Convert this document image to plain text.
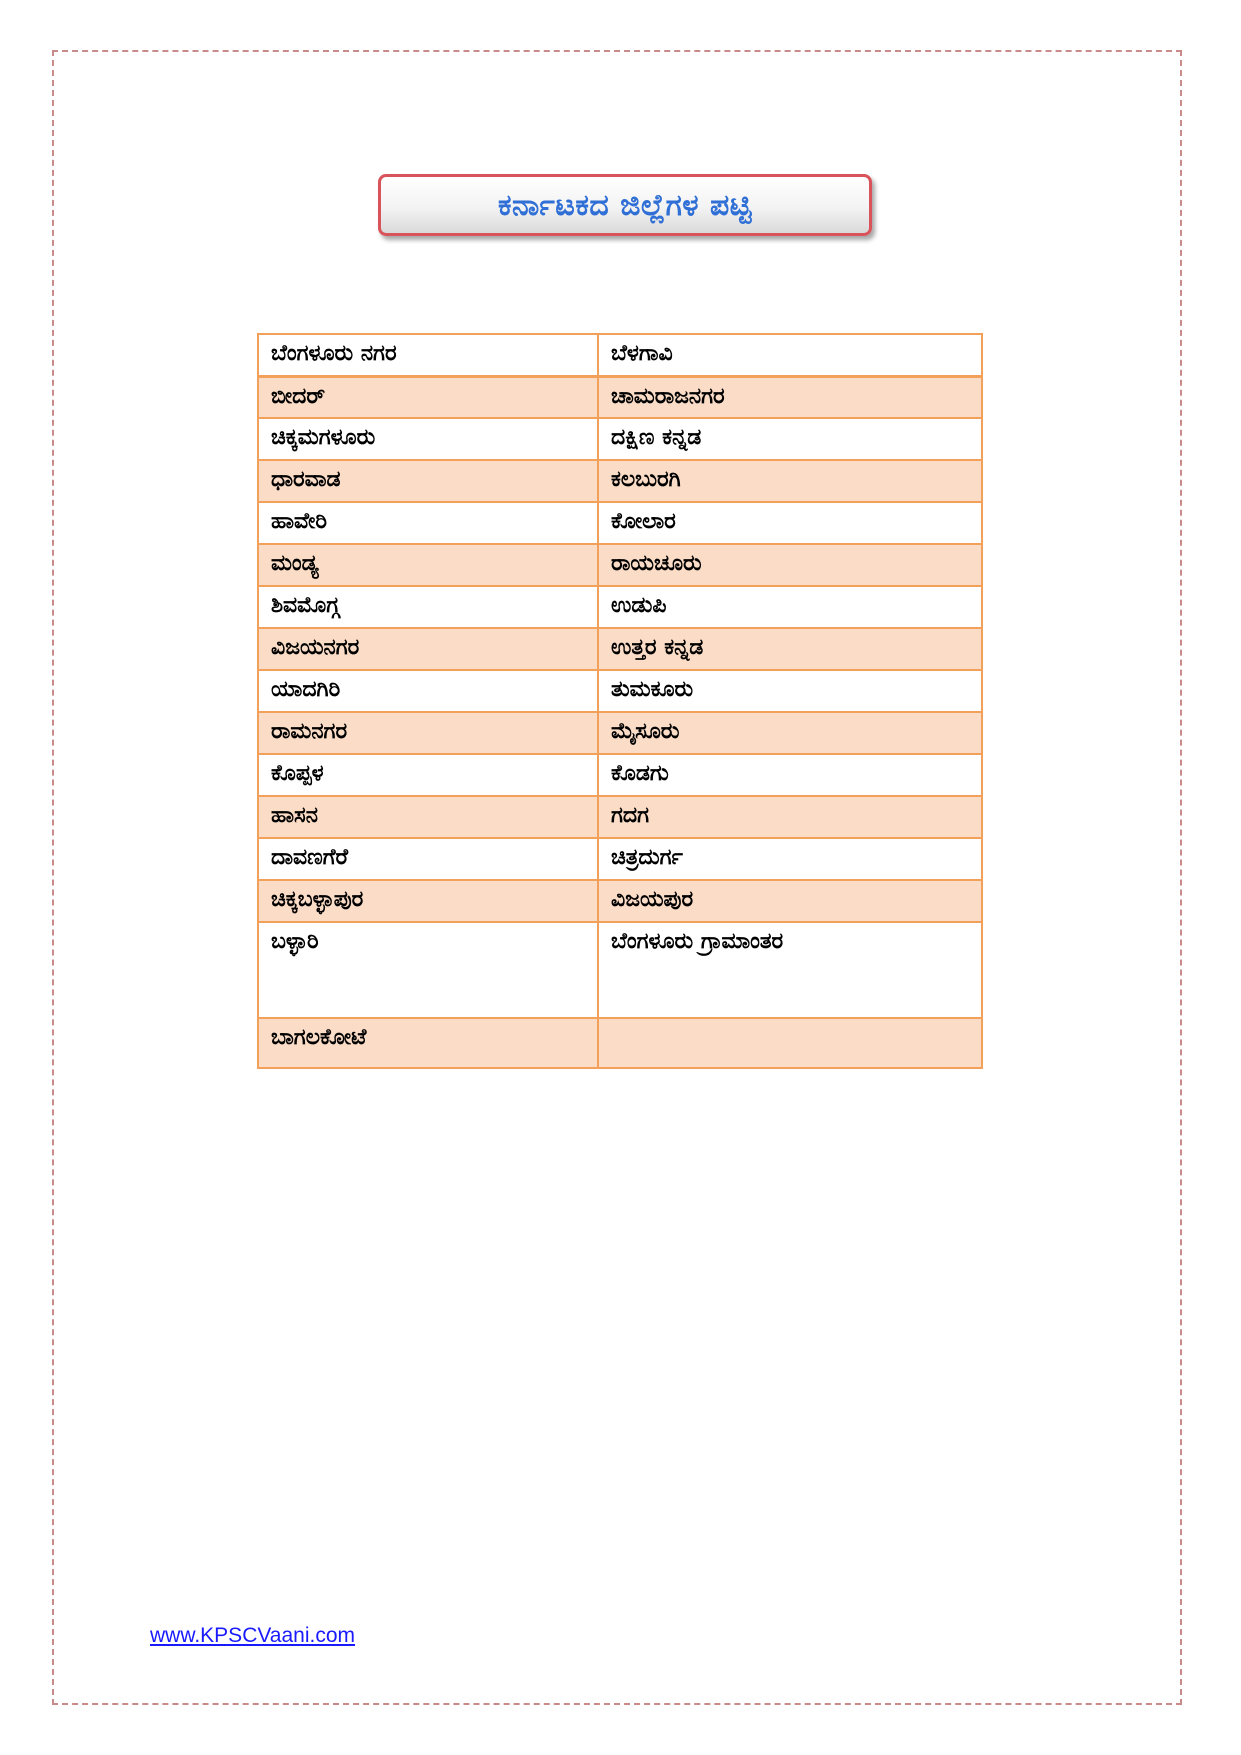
ಕರ್ನಾಟಕದ ಜಿಲ್ಲೆಗಳ ಪಟ್ಟಿ
ಬೆಂಗಳೂರು ನಗರ	ಬೆಳಗಾವಿ
ಬೀದರ್	ಚಾಮರಾಜನಗರ
ಚಿಕ್ಕಮಗಳೂರು	ದಕ್ಷಿಣ ಕನ್ನಡ
ಧಾರವಾಡ	ಕಲಬುರಗಿ
ಹಾವೇರಿ	ಕೋಲಾರ
ಮಂಡ್ಯ	ರಾಯಚೂರು
ಶಿವಮೊಗ್ಗ	ಉಡುಪಿ
ವಿಜಯನಗರ	ಉತ್ತರ ಕನ್ನಡ
ಯಾದಗಿರಿ	ತುಮಕೂರು
ರಾಮನಗರ	ಮೈಸೂರು
ಕೊಪ್ಪಳ	ಕೊಡಗು
ಹಾಸನ	ಗದಗ
ದಾವಣಗೆರೆ	ಚಿತ್ರದುರ್ಗ
ಚಿಕ್ಕಬಳ್ಳಾಪುರ	ವಿಜಯಪುರ
ಬಳ್ಳಾರಿ	ಬೆಂಗಳೂರು ಗ್ರಾಮಾಂತರ
ಬಾಗಲಕೋಟೆ	
www.KPSCVaani.com
